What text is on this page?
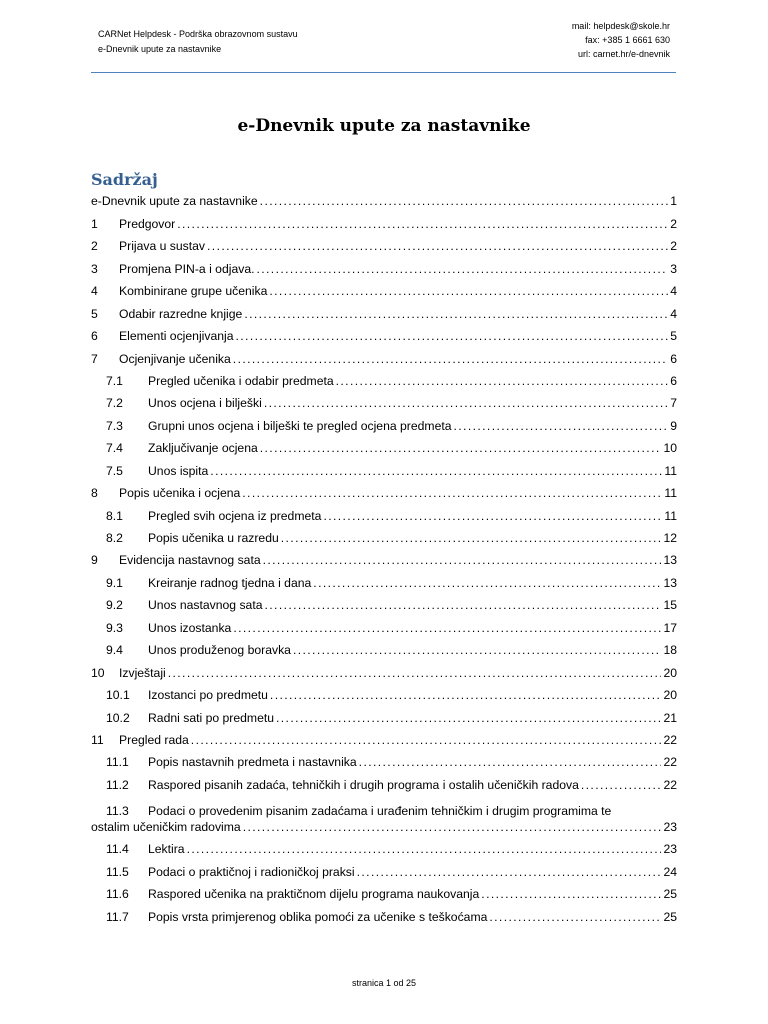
CARNet Helpdesk - Podrška obrazovnom sustavu
e-Dnevnik upute za nastavnike
mail: helpdesk@skole.hr
fax: +385 1 6661 630
url: carnet.hr/e-dnevnik
e-Dnevnik upute za nastavnike
Sadržaj
e-Dnevnik upute za nastavnike . . .	1
1	Predgovor . . .	2
2	Prijava u sustav . . .	2
3	Promjena PIN-a i odjava. . . .	3
4	Kombinirane grupe učenika . . .	4
5	Odabir razredne knjige . . .	4
6	Elementi ocjenjivanja . . .	5
7	Ocjenjivanje učenika . . .	6
7.1	Pregled učenika i odabir predmeta . . .	6
7.2	Unos ocjena i bilješki . . .	7
7.3	Grupni unos ocjena i bilješki te pregled ocjena predmeta . . .	9
7.4	Zaključivanje ocjena . . .	10
7.5	Unos ispita . . .	11
8	Popis učenika i ocjena . . .	11
8.1	Pregled svih ocjena iz predmeta . . .	11
8.2	Popis učenika u razredu . . .	12
9	Evidencija nastavnog sata . . .	13
9.1	Kreiranje radnog tjedna i dana . . .	13
9.2	Unos nastavnog sata . . .	15
9.3	Unos izostanka . . .	17
9.4	Unos produženog boravka . . .	18
10	Izvještaji . . .	20
10.1	Izostanci po predmetu . . .	20
10.2	Radni sati po predmetu . . .	21
11	Pregled rada . . .	22
11.1	Popis nastavnih predmeta i nastavnika . . .	22
11.2	Raspored pisanih zadaća, tehničkih i drugih programa i ostalih učeničkih radova . . .	22
11.3	Podaci o provedenim pisanim zadaćama i urađenim tehničkim i drugim programima te
ostalim učeničkim radovima . . .	23
11.4	Lektira . . .	23
11.5	Podaci o praktičnoj i radioničkoj praksi . . .	24
11.6	Raspored učenika na praktičnom dijelu programa naukovanja . . .	25
11.7	Popis vrsta primjerenog oblika pomoći za učenike s teškoćama . . .	25
stranica 1 od 25
